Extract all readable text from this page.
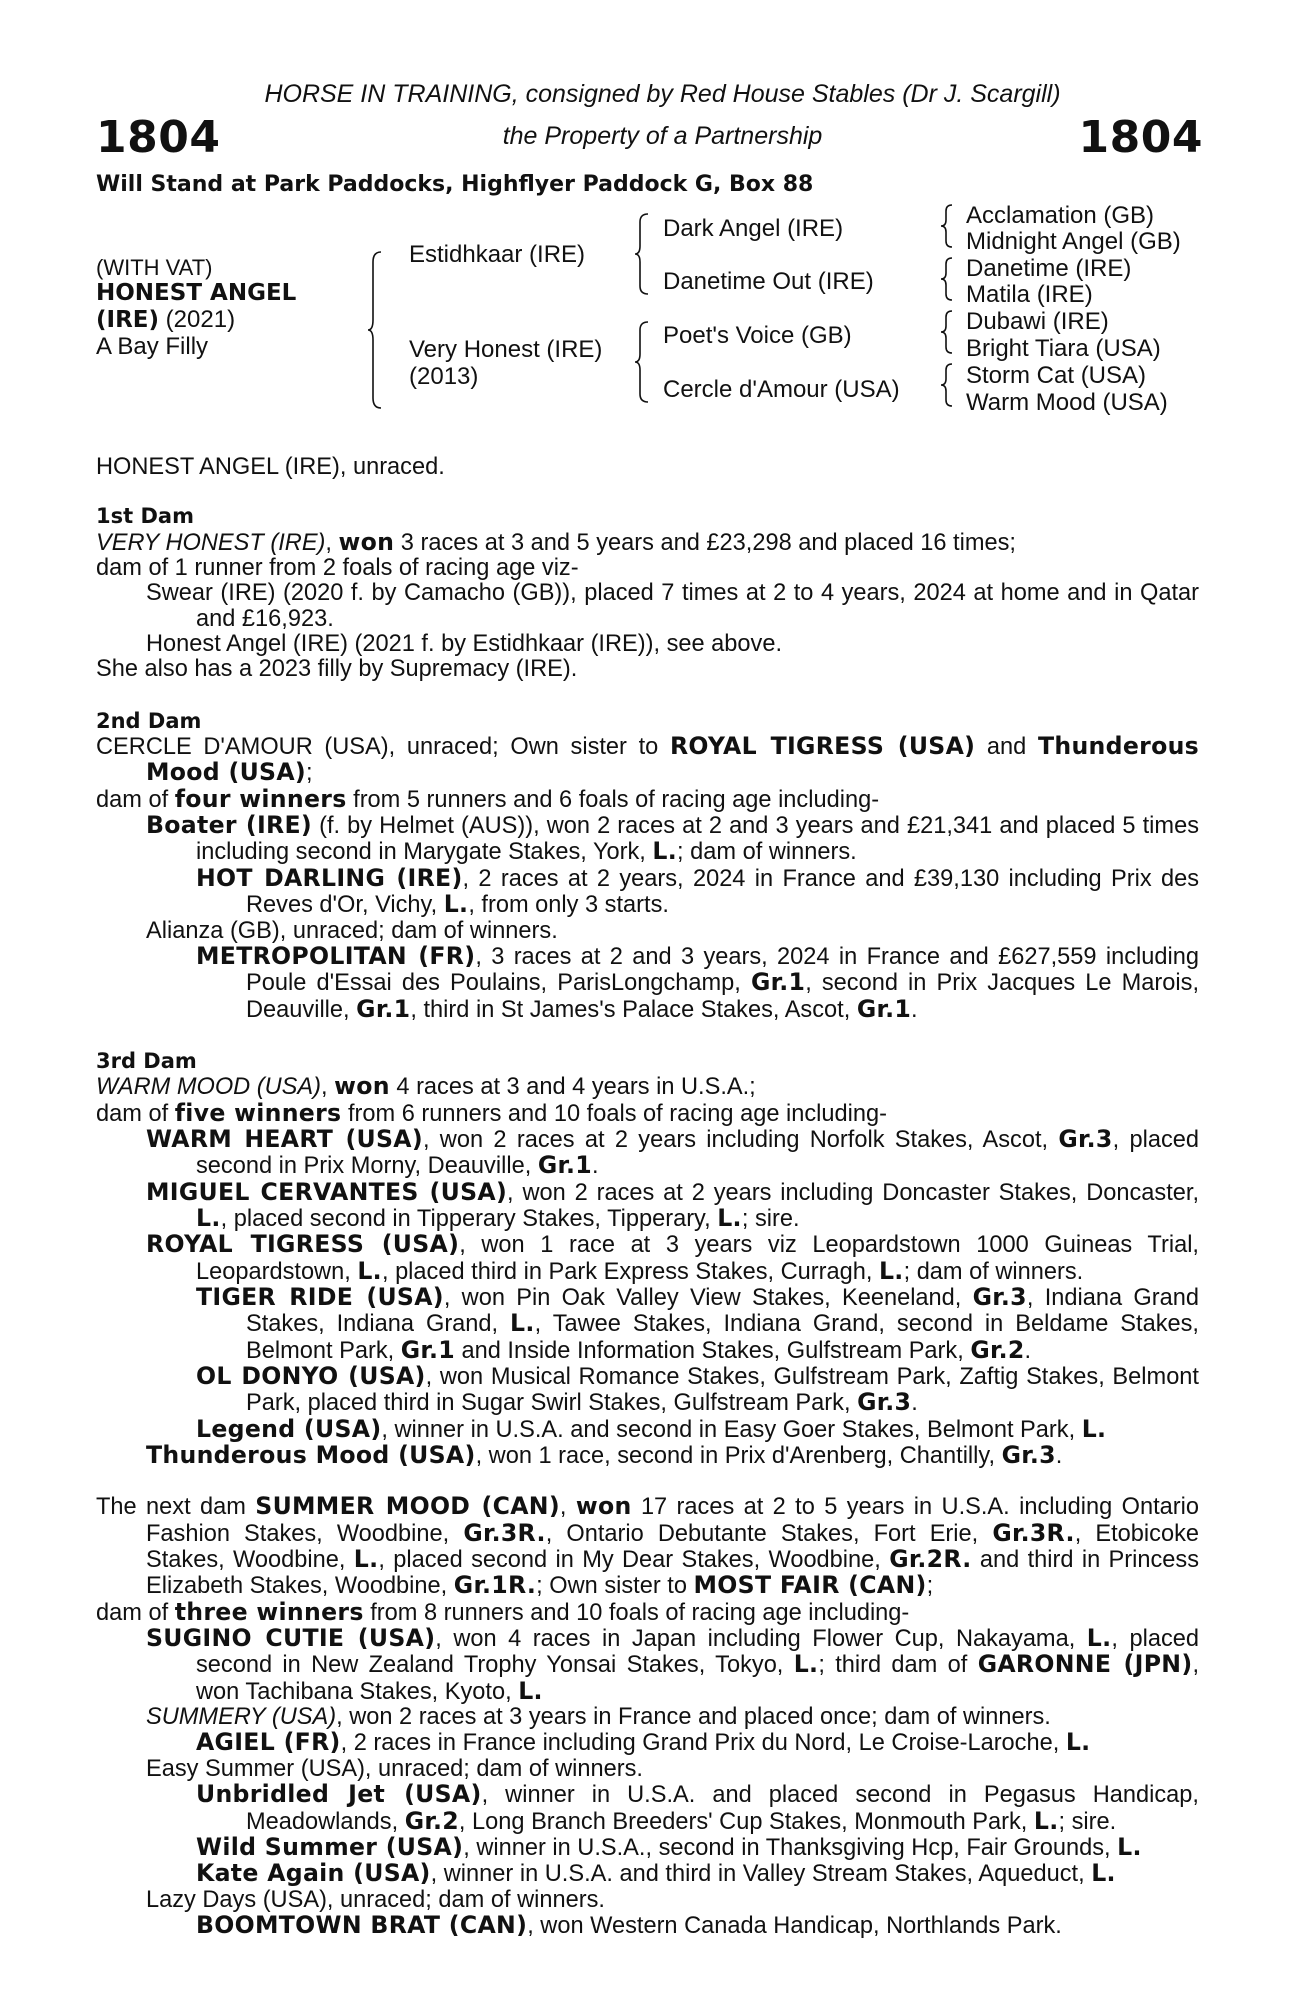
1804	1804
HORSE IN TRAINING, consigned by Red House Stables (Dr J. Scargill)
the Property of a Partnership
Will Stand at Park Paddocks, Highflyer Paddock G, Box 88
(WITH VAT)
HONEST ANGEL
(IRE) (2021)
A Bay Filly
Estidhkaar (IRE)
Very Honest (IRE)
(2013)
Dark Angel (IRE)
Danetime Out (IRE)
Poet's Voice (GB)
Cercle d'Amour (USA)
Acclamation (GB)
Midnight Angel (GB)
Danetime (IRE)
Matila (IRE)
Dubawi (IRE)
Bright Tiara (USA)
Storm Cat (USA)
Warm Mood (USA)
HONEST ANGEL (IRE), unraced.
1st Dam
VERY HONEST (IRE), won 3 races at 3 and 5 years and £23,298 and placed 16 times;
dam of 1 runner from 2 foals of racing age viz-
Swear (IRE) (2020 f. by Camacho (GB)), placed 7 times at 2 to 4 years, 2024 at home and in Qatar and £16,923.
Honest Angel (IRE) (2021 f. by Estidhkaar (IRE)), see above.
She also has a 2023 filly by Supremacy (IRE).
2nd Dam
CERCLE D'AMOUR (USA), unraced; Own sister to ROYAL TIGRESS (USA) and Thunderous Mood (USA);
dam of four winners from 5 runners and 6 foals of racing age including-
Boater (IRE) (f. by Helmet (AUS)), won 2 races at 2 and 3 years and £21,341 and placed 5 times including second in Marygate Stakes, York, L.; dam of winners.
HOT DARLING (IRE), 2 races at 2 years, 2024 in France and £39,130 including Prix des Reves d'Or, Vichy, L., from only 3 starts.
Alianza (GB), unraced; dam of winners.
METROPOLITAN (FR), 3 races at 2 and 3 years, 2024 in France and £627,559 including Poule d'Essai des Poulains, ParisLongchamp, Gr.1, second in Prix Jacques Le Marois, Deauville, Gr.1, third in St James's Palace Stakes, Ascot, Gr.1.
3rd Dam
WARM MOOD (USA), won 4 races at 3 and 4 years in U.S.A.;
dam of five winners from 6 runners and 10 foals of racing age including-
WARM HEART (USA), won 2 races at 2 years including Norfolk Stakes, Ascot, Gr.3, placed second in Prix Morny, Deauville, Gr.1.
MIGUEL CERVANTES (USA), won 2 races at 2 years including Doncaster Stakes, Doncaster, L., placed second in Tipperary Stakes, Tipperary, L.; sire.
ROYAL TIGRESS (USA), won 1 race at 3 years viz Leopardstown 1000 Guineas Trial, Leopardstown, L., placed third in Park Express Stakes, Curragh, L.; dam of winners.
TIGER RIDE (USA), won Pin Oak Valley View Stakes, Keeneland, Gr.3, Indiana Grand Stakes, Indiana Grand, L., Tawee Stakes, Indiana Grand, second in Beldame Stakes, Belmont Park, Gr.1 and Inside Information Stakes, Gulfstream Park, Gr.2.
OL DONYO (USA), won Musical Romance Stakes, Gulfstream Park, Zaftig Stakes, Belmont Park, placed third in Sugar Swirl Stakes, Gulfstream Park, Gr.3.
Legend (USA), winner in U.S.A. and second in Easy Goer Stakes, Belmont Park, L.
Thunderous Mood (USA), won 1 race, second in Prix d'Arenberg, Chantilly, Gr.3.
The next dam SUMMER MOOD (CAN), won 17 races at 2 to 5 years in U.S.A. including Ontario Fashion Stakes, Woodbine, Gr.3R., Ontario Debutante Stakes, Fort Erie, Gr.3R., Etobicoke Stakes, Woodbine, L., placed second in My Dear Stakes, Woodbine, Gr.2R. and third in Princess Elizabeth Stakes, Woodbine, Gr.1R.; Own sister to MOST FAIR (CAN);
dam of three winners from 8 runners and 10 foals of racing age including-
SUGINO CUTIE (USA), won 4 races in Japan including Flower Cup, Nakayama, L., placed second in New Zealand Trophy Yonsai Stakes, Tokyo, L.; third dam of GARONNE (JPN), won Tachibana Stakes, Kyoto, L.
SUMMERY (USA), won 2 races at 3 years in France and placed once; dam of winners.
AGIEL (FR), 2 races in France including Grand Prix du Nord, Le Croise-Laroche, L.
Easy Summer (USA), unraced; dam of winners.
Unbridled Jet (USA), winner in U.S.A. and placed second in Pegasus Handicap, Meadowlands, Gr.2, Long Branch Breeders' Cup Stakes, Monmouth Park, L.; sire.
Wild Summer (USA), winner in U.S.A., second in Thanksgiving Hcp, Fair Grounds, L.
Kate Again (USA), winner in U.S.A. and third in Valley Stream Stakes, Aqueduct, L.
Lazy Days (USA), unraced; dam of winners.
BOOMTOWN BRAT (CAN), won Western Canada Handicap, Northlands Park.
